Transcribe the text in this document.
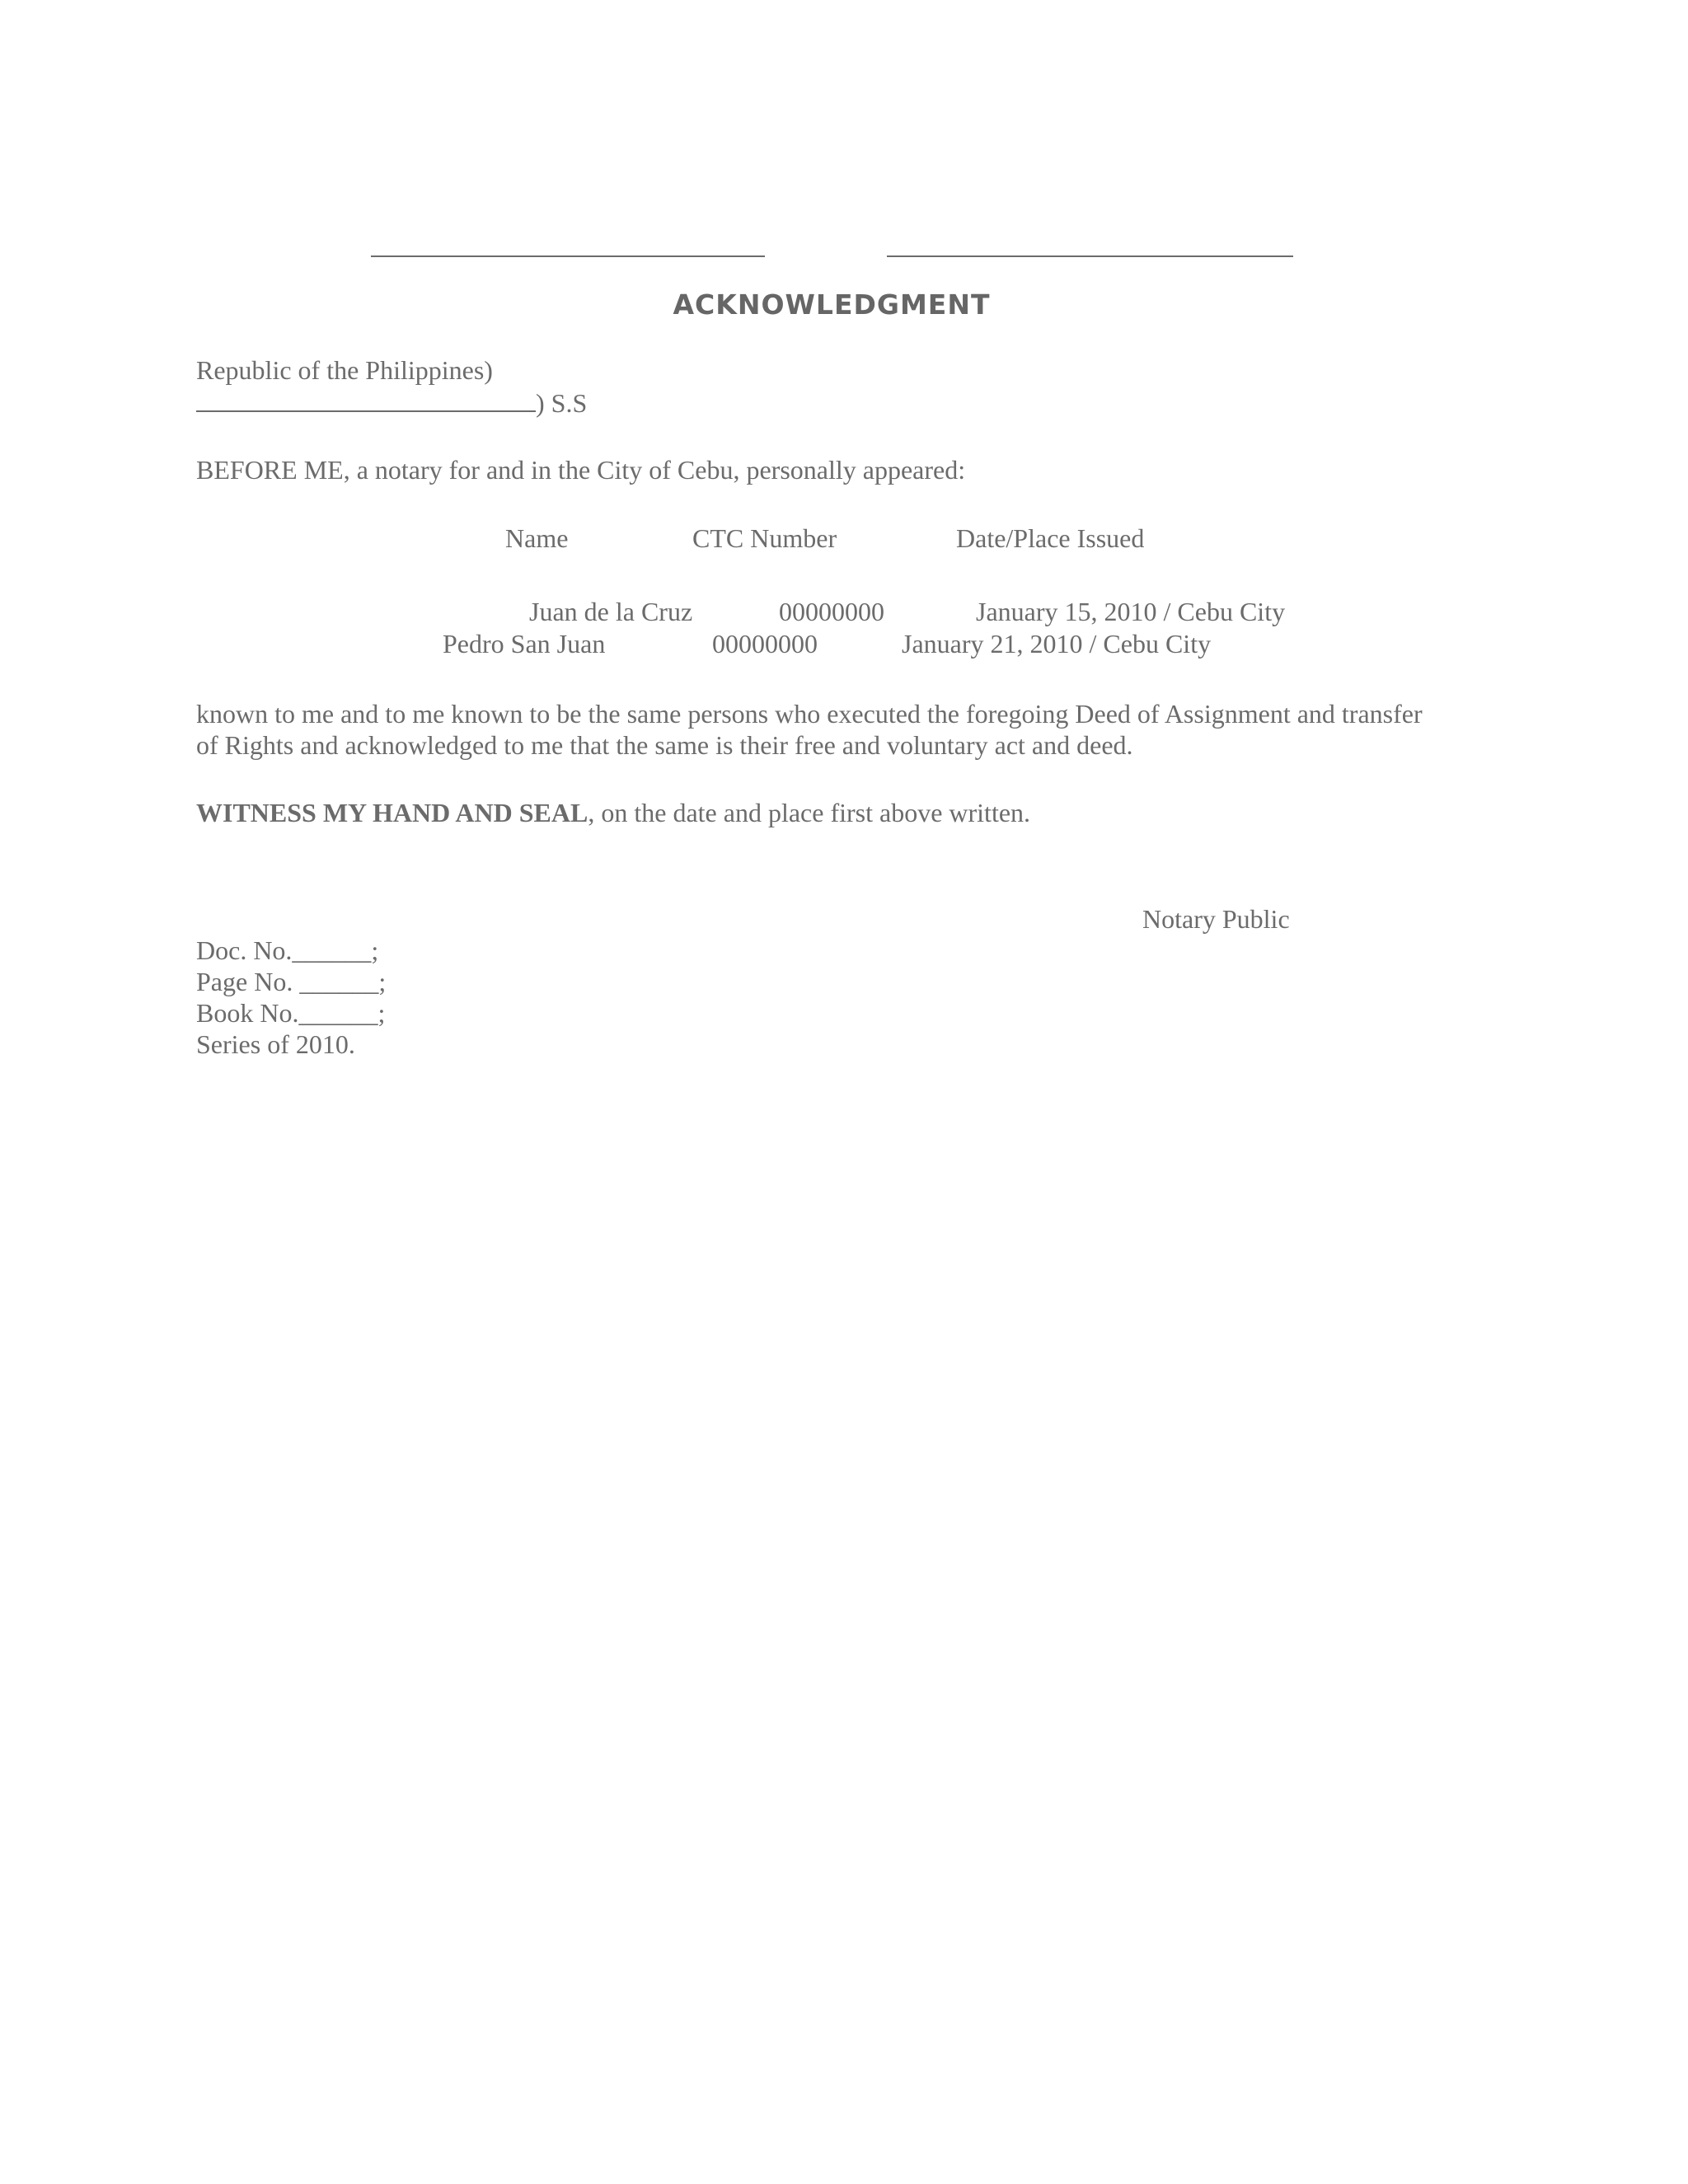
ACKNOWLEDGMENT
Republic of the Philippines)
) S.S
BEFORE ME, a notary for and in the City of Cebu, personally appeared:
Name	CTC Number	Date/Place Issued
Juan de la Cruz	00000000	January 15, 2010 / Cebu City
Pedro San Juan	00000000	January 21, 2010 / Cebu City
known to me and to me known to be the same persons who executed the foregoing Deed of Assignment and transfer
of Rights and acknowledged to me that the same is their free and voluntary act and deed.
WITNESS MY HAND AND SEAL, on the date and place first above written.
Notary Public
Doc. No.______;
Page No. ______;
Book No.______;
Series of 2010.
